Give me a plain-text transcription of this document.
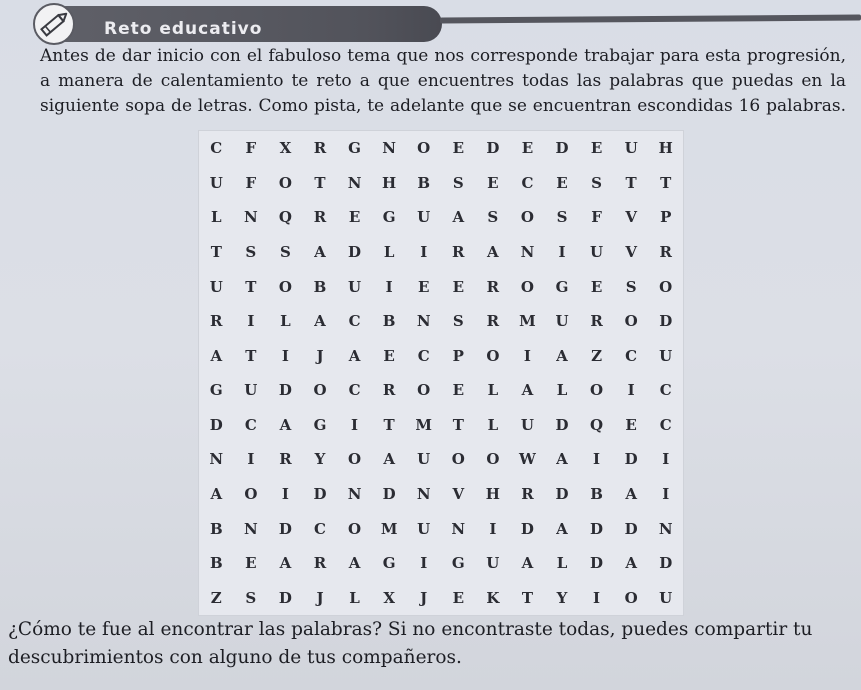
Reto educativo
Antes de dar inicio con el fabuloso tema que nos corresponde trabajar para esta progresión,
a manera de calentamiento te reto a que encuentres todas las palabras que puedas en la
siguiente sopa de letras. Como pista, te adelante que se encuentran escondidas 16 palabras.
C	F	X	R	G	N	O	E	D	E	D	E	U	H
U	F	O	T	N	H	B	S	E	C	E	S	T	T
L	N	Q	R	E	G	U	A	S	O	S	F	V	P
T	S	S	A	D	L	I	R	A	N	I	U	V	R
U	T	O	B	U	I	E	E	R	O	G	E	S	O
R	I	L	A	C	B	N	S	R	M	U	R	O	D
A	T	I	J	A	E	C	P	O	I	A	Z	C	U
G	U	D	O	C	R	O	E	L	A	L	O	I	C
D	C	A	G	I	T	M	T	L	U	D	Q	E	C
N	I	R	Y	O	A	U	O	O	W	A	I	D	I
A	O	I	D	N	D	N	V	H	R	D	B	A	I
B	N	D	C	O	M	U	N	I	D	A	D	D	N
B	E	A	R	A	G	I	G	U	A	L	D	A	D
Z	S	D	J	L	X	J	E	K	T	Y	I	O	U
¿Cómo te fue al encontrar las palabras? Si no encontraste todas, puedes compartir tu
descubrimientos con alguno de tus compañeros.
